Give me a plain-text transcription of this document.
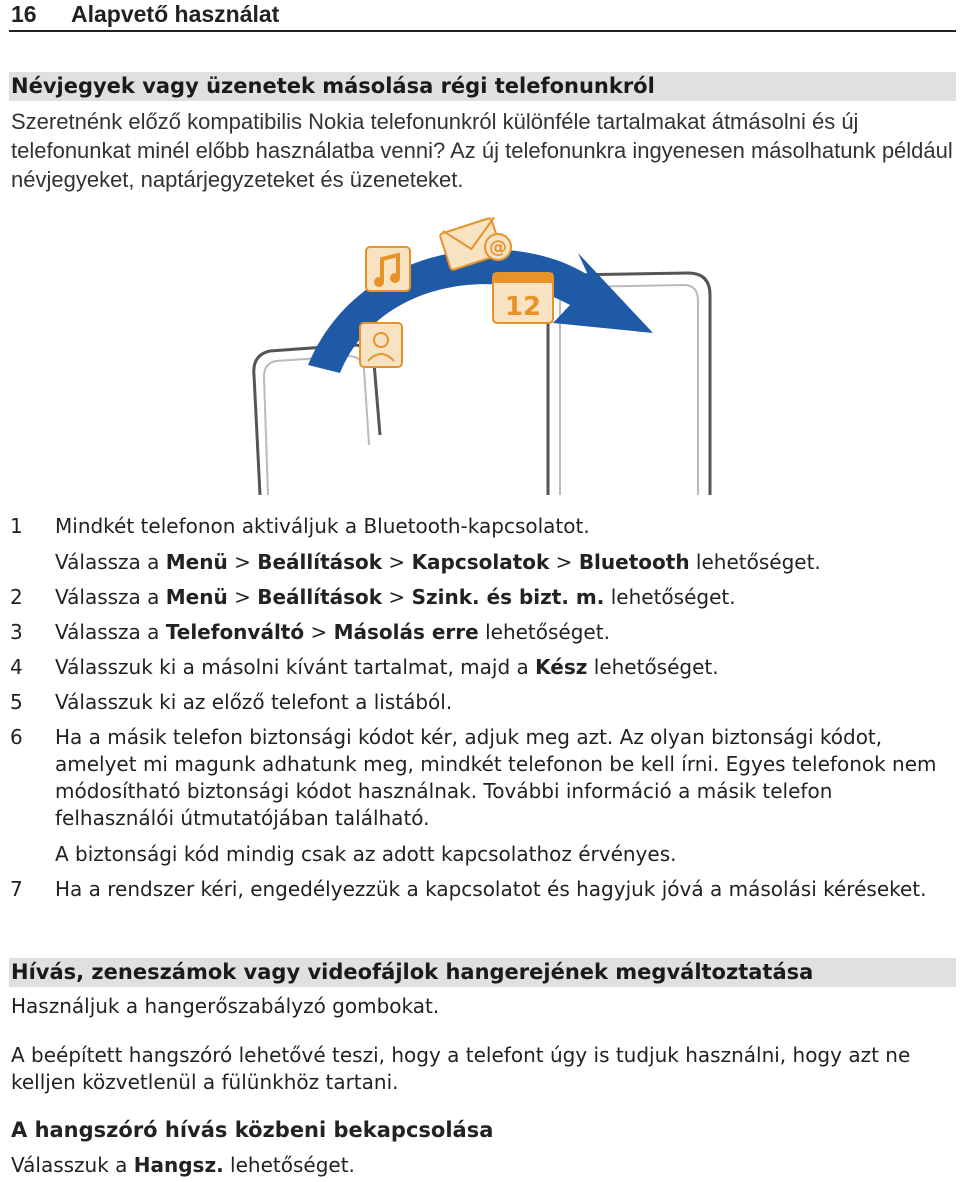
16 Alapvető használat
Névjegyek vagy üzenetek másolása régi telefonunkról

Szeretnénk előző kompatibilis Nokia telefonunkról különféle tartalmakat átmásolni és új telefonunkat minél előbb használatba venni? Az új telefonunkra ingyenesen másolhatunk például névjegyeket, naptárjegyzeteket és üzeneteket.

@
12
1 Mindkét telefonon aktiváljuk a Bluetooth-kapcsolatot.
Válassza a Menü > Beállítások > Kapcsolatok > Bluetooth lehetőséget.
2 Válassza a Menü > Beállítások > Szink. és bizt. m. lehetőséget.
3 Válassza a Telefonváltó > Másolás erre lehetőséget.
4 Válasszuk ki a másolni kívánt tartalmat, majd a Kész lehetőséget.
5 Válasszuk ki az előző telefont a listából.
6 Ha a másik telefon biztonsági kódot kér, adjuk meg azt. Az olyan biztonsági kódot, amelyet mi magunk adhatunk meg, mindkét telefonon be kell írni. Egyes telefonok nem módosítható biztonsági kódot használnak. További információ a másik telefon felhasználói útmutatójában található.
A biztonsági kód mindig csak az adott kapcsolathoz érvényes.
7 Ha a rendszer kéri, engedélyezzük a kapcsolatot és hagyjuk jóvá a másolási kéréseket.
Hívás, zeneszámok vagy videofájlok hangerejének megváltoztatása

Használjuk a hangerőszabályzó gombokat.

A beépített hangszóró lehetővé teszi, hogy a telefont úgy is tudjuk használni, hogy azt ne kelljen közvetlenül a fülünkhöz tartani.

A hangszóró hívás közbeni bekapcsolása

Válasszuk a Hangsz. lehetőséget.
